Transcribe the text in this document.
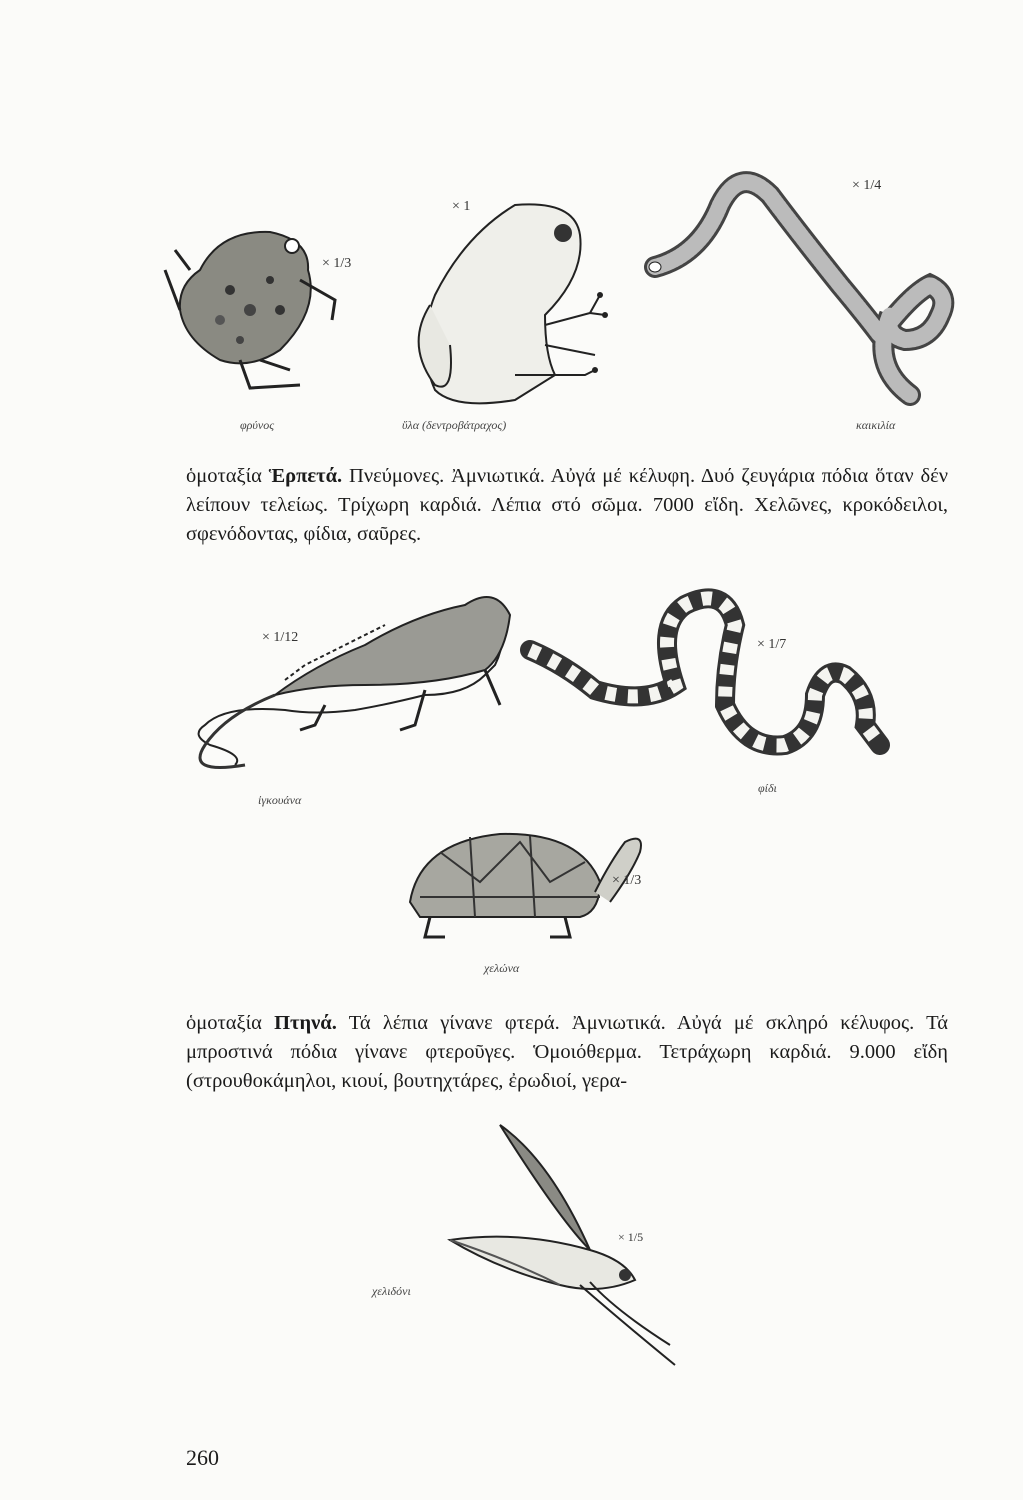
× 1/3
φρύνος
× 1
ὕλα (δεντροβάτραχος)
× 1/4
καικιλία
ὁμοταξία Ἑρπετά. Πνεύμονες. Ἀμνιωτικά. Αὐγά μέ κέλυφη. Δυό ζευγάρια πόδια ὅταν δέν λείπουν τελείως. Τρίχωρη καρδιά. Λέπια στό σῶμα. 7000 εἴδη. Χελῶνες, κροκόδειλοι, σφενόδοντας, φίδια, σαῦρες.
× 1/12
ἰγκουάνα
× 1/7
φίδι
× 1/3
χελώνα
ὁμοταξία Πτηνά. Τά λέπια γίνανε φτερά. Ἀμνιωτικά. Αὐγά μέ σκληρό κέλυφος. Τά μπροστινά πόδια γίνανε φτεροῦγες. Ὁμοιόθερμα. Τετράχωρη καρδιά. 9.000 εἴδη (στρουθοκάμηλοι, κιουί, βουτηχτάρες, ἐρωδιοί, γερα-
× 1/5
χελιδόνι
260
